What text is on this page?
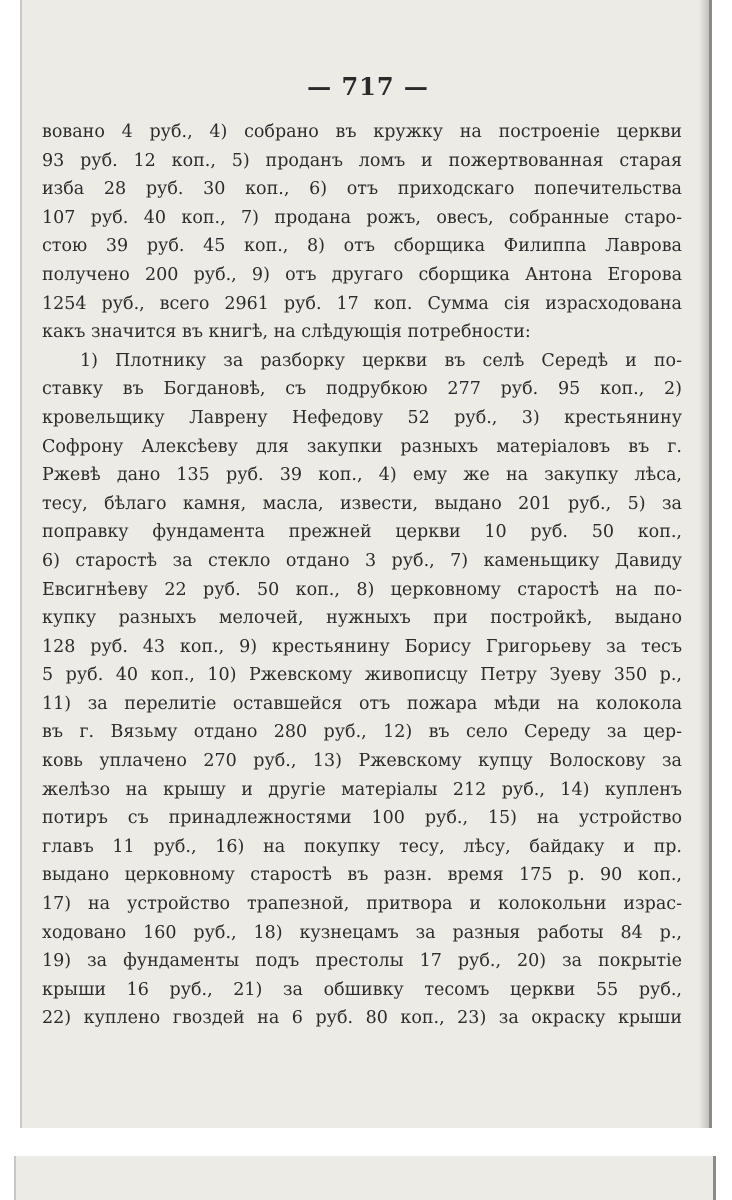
— 717 —
вовано 4 руб., 4) собрано въ кружку на построеніе церкви
93 руб. 12 коп., 5) проданъ ломъ и пожертвованная старая
изба 28 руб. 30 коп., 6) отъ приходскаго попечительства
107 руб. 40 коп., 7) продана рожъ, овесъ, собранные старо-
стою 39 руб. 45 коп., 8) отъ сборщика Филиппа Лаврова
получено 200 руб., 9) отъ другаго сборщика Антона Егорова
1254 руб., всего 2961 руб. 17 коп. Сумма сія израсходована
какъ значится въ книгѣ, на слѣдующія потребности:
1) Плотнику за разборку церкви въ селѣ Середѣ и по-
ставку въ Богдановѣ, съ подрубкою 277 руб. 95 коп., 2)
кровельщику Лаврену Нефедову 52 руб., 3) крестьянину
Софрону Алексѣеву для закупки разныхъ матеріаловъ въ г.
Ржевѣ дано 135 руб. 39 коп., 4) ему же на закупку лѣса,
тесу, бѣлаго камня, масла, извести, выдано 201 руб., 5) за
поправку фундамента прежней церкви 10 руб. 50 коп.,
6) старостѣ за стекло отдано 3 руб., 7) каменьщику Давиду
Евсигнѣеву 22 руб. 50 коп., 8) церковному старостѣ на по-
купку разныхъ мелочей, нужныхъ при постройкѣ, выдано
128 руб. 43 коп., 9) крестьянину Борису Григорьеву за тесъ
5 руб. 40 коп., 10) Ржевскому живописцу Петру Зуеву 350 р.,
11) за перелитіе оставшейся отъ пожара мѣди на колокола
въ г. Вязьму отдано 280 руб., 12) въ село Середу за цер-
ковь уплачено 270 руб., 13) Ржевскому купцу Волоскову за
желѣзо на крышу и другіе матеріалы 212 руб., 14) купленъ
потиръ съ принадлежностями 100 руб., 15) на устройство
главъ 11 руб., 16) на покупку тесу, лѣсу, байдаку и пр.
выдано церковному старостѣ въ разн. время 175 р. 90 коп.,
17) на устройство трапезной, притвора и колокольни израс-
ходовано 160 руб., 18) кузнецамъ за разныя работы 84 р.,
19) за фундаменты подъ престолы 17 руб., 20) за покрытіе
крыши 16 руб., 21) за обшивку тесомъ церкви 55 руб.,
22) куплено гвоздей на 6 руб. 80 коп., 23) за окраску крыши
